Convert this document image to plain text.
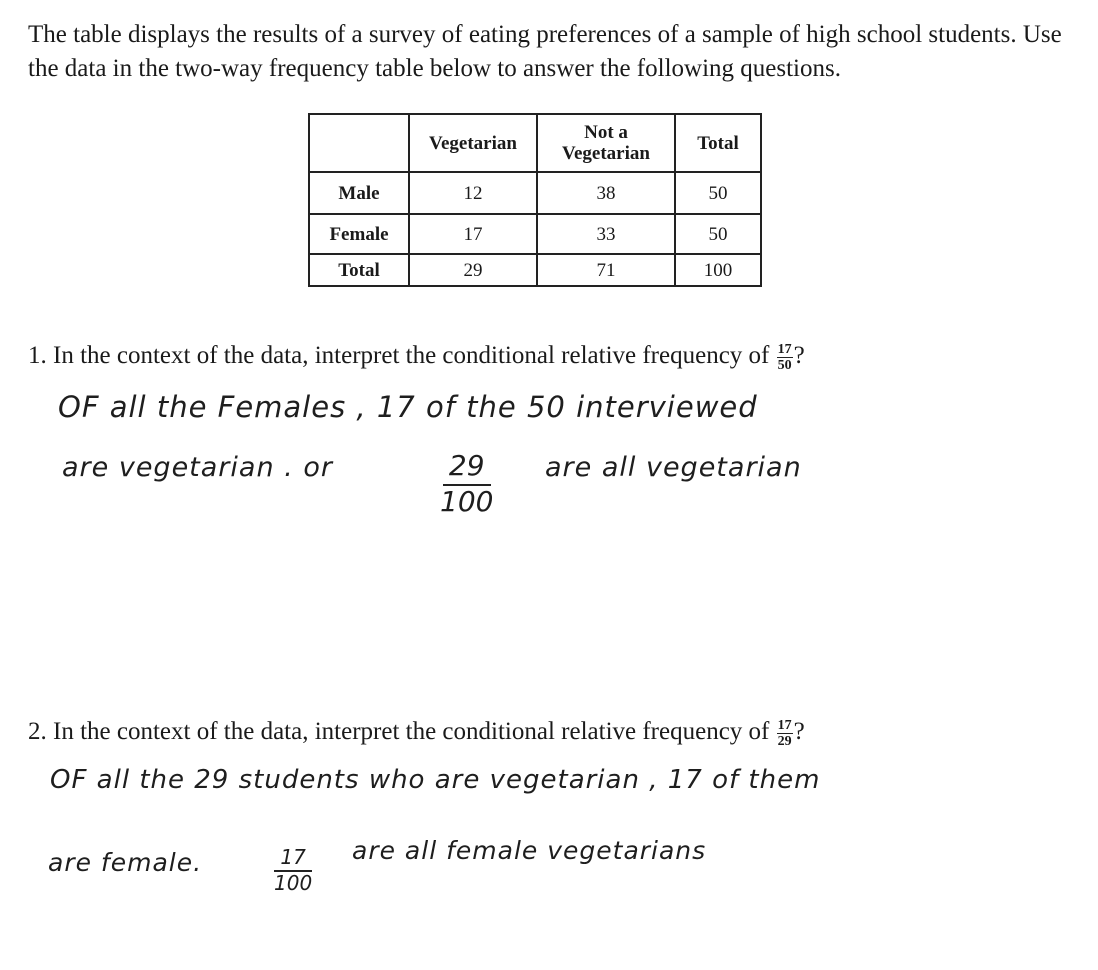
The table displays the results of a survey of eating preferences of a sample of high school students. Use the data in the two-way frequency table below to answer the following questions.

	Vegetarian	Not a Vegetarian	Total
Male	12	38	50
Female	17	33	50
Total	29	71	100
1. In the context of the data, interpret the conditional relative frequency of $\frac{17}{50}$ ?
OF all the Females , 17 of the 50 interviewed
are vegetarian . or	$\frac{29}{100}$ are all vegetarian
2. In the context of the data, interpret the conditional relative frequency of $\frac{17}{29}$ ?
OF all the 29 students who are vegetarian , 17 of them
are female.	$\frac{17}{100}$ are all female vegetarians
